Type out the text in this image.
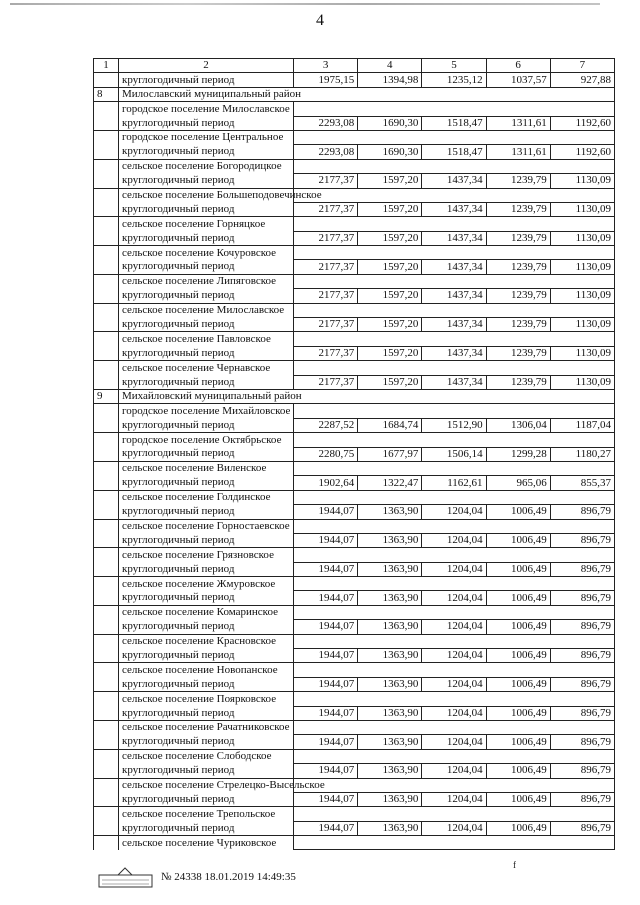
4
1	2	3	4	5	6	7
	круглогодичный период	1975,15	1394,98	1235,12	1037,57	927,88
8	Милославский муниципальный район					
	городское поселение Милославское					
	круглогодичный период	2293,08	1690,30	1518,47	1311,61	1192,60
	городское поселение Центральное					
	круглогодичный период	2293,08	1690,30	1518,47	1311,61	1192,60
	сельское поселение Богородицкое					
	круглогодичный период	2177,37	1597,20	1437,34	1239,79	1130,09
	сельское поселение Большеподовечинское					
	круглогодичный период	2177,37	1597,20	1437,34	1239,79	1130,09
	сельское поселение Горняцкое					
	круглогодичный период	2177,37	1597,20	1437,34	1239,79	1130,09
	сельское поселение Кочуровское					
	круглогодичный период	2177,37	1597,20	1437,34	1239,79	1130,09
	сельское поселение Липяговское					
	круглогодичный период	2177,37	1597,20	1437,34	1239,79	1130,09
	сельское поселение Милославское					
	круглогодичный период	2177,37	1597,20	1437,34	1239,79	1130,09
	сельское поселение Павловское					
	круглогодичный период	2177,37	1597,20	1437,34	1239,79	1130,09
	сельское поселение Чернавское					
	круглогодичный период	2177,37	1597,20	1437,34	1239,79	1130,09
9	Михайловский муниципальный район					
	городское поселение Михайловское					
	круглогодичный период	2287,52	1684,74	1512,90	1306,04	1187,04
	городское поселение Октябрьское					
	круглогодичный период	2280,75	1677,97	1506,14	1299,28	1180,27
	сельское поселение Виленское					
	круглогодичный период	1902,64	1322,47	1162,61	965,06	855,37
	сельское поселение Голдинское					
	круглогодичный период	1944,07	1363,90	1204,04	1006,49	896,79
	сельское поселение Горностаевское					
	круглогодичный период	1944,07	1363,90	1204,04	1006,49	896,79
	сельское поселение Грязновское					
	круглогодичный период	1944,07	1363,90	1204,04	1006,49	896,79
	сельское поселение Жмуровское					
	круглогодичный период	1944,07	1363,90	1204,04	1006,49	896,79
	сельское поселение Комаринское					
	круглогодичный период	1944,07	1363,90	1204,04	1006,49	896,79
	сельское поселение Красновское					
	круглогодичный период	1944,07	1363,90	1204,04	1006,49	896,79
	сельское поселение Новопанское					
	круглогодичный период	1944,07	1363,90	1204,04	1006,49	896,79
	сельское поселение Поярковское					
	круглогодичный период	1944,07	1363,90	1204,04	1006,49	896,79
	сельское поселение Рачатниковское					
	круглогодичный период	1944,07	1363,90	1204,04	1006,49	896,79
	сельское поселение Слободское					
	круглогодичный период	1944,07	1363,90	1204,04	1006,49	896,79
	сельское поселение Стрелецко-Высельское					
	круглогодичный период	1944,07	1363,90	1204,04	1006,49	896,79
	сельское поселение Трепольское					
	круглогодичный период	1944,07	1363,90	1204,04	1006,49	896,79
	сельское поселение Чуриковское					
№ 24338 18.01.2019 14:49:35
f
